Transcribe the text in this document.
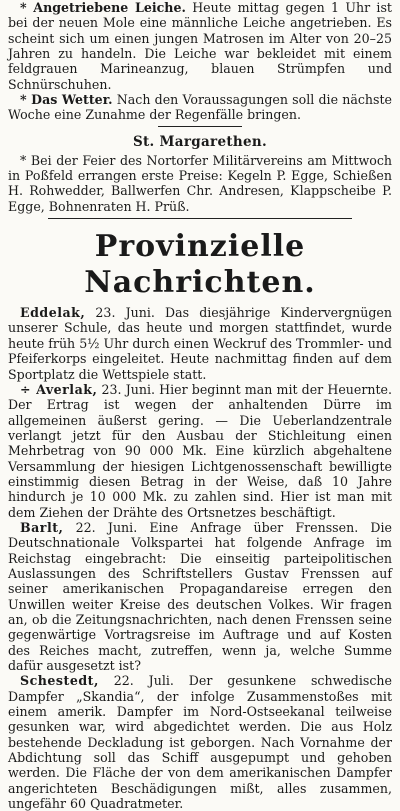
* Angetriebene Leiche. Heute mittag gegen 1 Uhr ist bei der neuen Mole eine männliche Leiche angetrieben. Es scheint sich um einen jungen Matrosen im Alter von 20–25 Jahren zu handeln. Die Leiche war bekleidet mit einem feldgrauen Marineanzug, blauen Strümpfen und Schnürschuhen.

* Das Wetter. Nach den Voraussagungen soll die nächste Woche eine Zunahme der Regenfälle bringen.

St. Margarethen.

* Bei der Feier des Nortorfer Militärvereins am Mittwoch in Poßfeld errangen erste Preise: Kegeln P. Egge, Schießen H. Rohwedder, Ballwerfen Chr. Andresen, Klappscheibe P. Egge, Bohnenraten H. Prüß.

Provinzielle Nachrichten.

Eddelak, 23. Juni. Das diesjährige Kindervergnügen unserer Schule, das heute und morgen stattfindet, wurde heute früh 5½ Uhr durch einen Weckruf des Trommler- und Pfeiferkorps eingeleitet. Heute nachmittag finden auf dem Sportplatz die Wettspiele statt.

÷ Averlak, 23. Juni. Hier beginnt man mit der Heuernte. Der Ertrag ist wegen der anhaltenden Dürre im allgemeinen äußerst gering. — Die Ueberlandzentrale verlangt jetzt für den Ausbau der Stichleitung einen Mehrbetrag von 90 000 Mk. Eine kürzlich abgehaltene Versammlung der hiesigen Lichtgenossenschaft bewilligte einstimmig diesen Betrag in der Weise, daß 10 Jahre hindurch je 10 000 Mk. zu zahlen sind. Hier ist man mit dem Ziehen der Drähte des Ortsnetzes beschäftigt.

Barlt, 22. Juni. Eine Anfrage über Frenssen. Die Deutschnationale Volkspartei hat folgende Anfrage im Reichstag eingebracht: Die einseitig parteipolitischen Auslassungen des Schriftstellers Gustav Frenssen auf seiner amerikanischen Propagandareise erregen den Unwillen weiter Kreise des deutschen Volkes. Wir fragen an, ob die Zeitungsnachrichten, nach denen Frenssen seine gegenwärtige Vortragsreise im Auftrage und auf Kosten des Reiches macht, zutreffen, wenn ja, welche Summe dafür ausgesetzt ist?

Schestedt, 22. Juli. Der gesunkene schwedische Dampfer „Skandia“, der infolge Zusammenstoßes mit einem amerik. Dampfer im Nord-Ostseekanal teilweise gesunken war, wird abgedichtet werden. Die aus Holz bestehende Deckladung ist geborgen. Nach Vornahme der Abdichtung soll das Schiff ausgepumpt und gehoben werden. Die Fläche der von dem amerikanischen Dampfer angerichteten Beschädigungen mißt, alles zusammen, ungefähr 60 Quadratmeter.
